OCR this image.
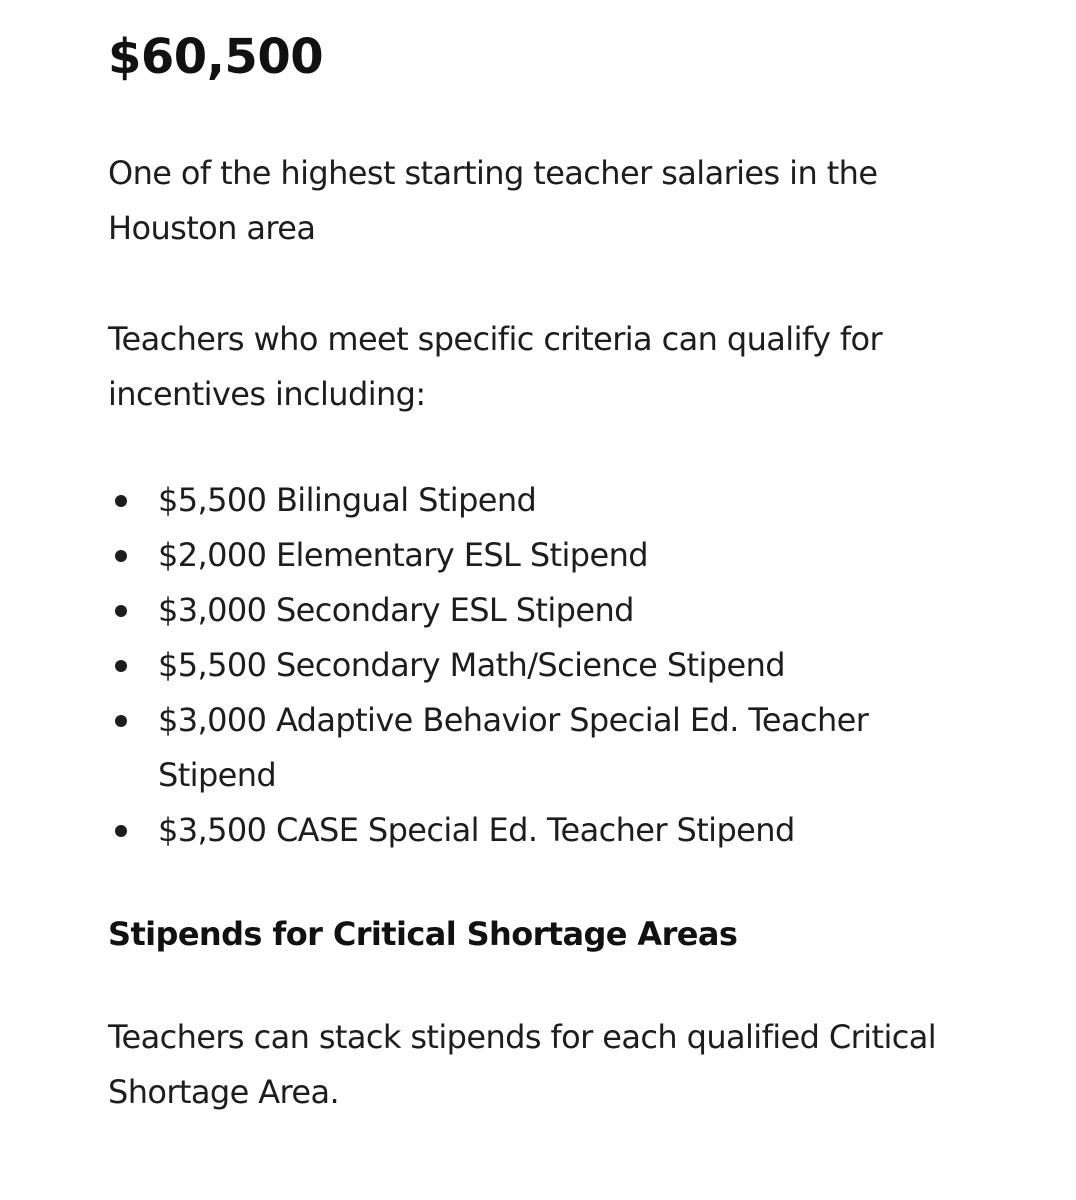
$60,500

One of the highest starting teacher salaries in the Houston area

Teachers who meet specific criteria can qualify for incentives including:

$5,500 Bilingual Stipend
$2,000 Elementary ESL Stipend
$3,000 Secondary ESL Stipend
$5,500 Secondary Math/Science Stipend
$3,000 Adaptive Behavior Special Ed. Teacher Stipend
$3,500 CASE Special Ed. Teacher Stipend
Stipends for Critical Shortage Areas

Teachers can stack stipends for each qualified Critical Shortage Area.
